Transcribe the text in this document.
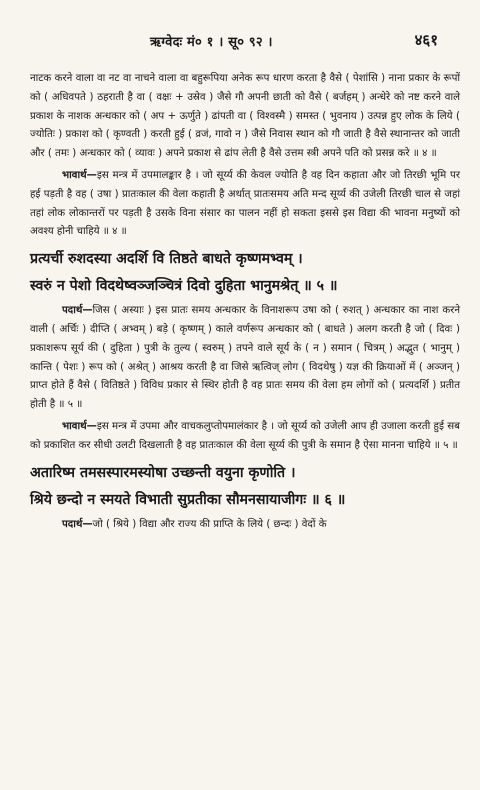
ऋग्वेदः मं० १ । सू० ९२ ।	४६१

नाटक करने वाला वा नट वा नाचने वाला वा बहुरूपिया अनेक रूप धारण करता है वैसे ( पेशांसि ) नाना प्रकार के रूपों को ( अधिवपते ) ठहराती है वा ( वक्षः + उस्रेव ) जैसे गौ अपनी छाती को वैसे ( बर्जहम् ) अन्धेरे को नष्ट करने वाले प्रकाश के नाशक अन्धकार को ( अप + ऊर्णुते ) ढांपती वा ( विश्वस्मै ) समस्त ( भुवनाय ) उत्पन्न हुए लोक के लिये ( ज्योतिः ) प्रकाश को ( कृण्वती ) करती हुई ( व्रजं, गावो न ) जैसे निवास स्थान को गौ जाती है वैसे स्थानान्तर को जाती और ( तमः ) अन्धकार को ( व्यावः ) अपने प्रकाश से ढांप लेती है वैसे उत्तम स्त्री अपने पति को प्रसन्न करे ॥ ४ ॥

भावार्थ—इस मन्त्र में उपमालङ्कार है । जो सूर्य्य की केवल ज्योति है वह दिन कहाता और जो तिरछी भूमि पर हई पड़ती है वह ( उषा ) प्रातःकाल की वेला कहाती है अर्थात् प्रातःसमय अति मन्द सूर्य्य की उजेली तिरछी चाल से जहां तहां लोक लोकान्तरों पर पड़ती है उसके विना संसार का पालन नहीं हो सकता इससे इस विद्या की भावना मनुष्यों को अवश्य होनी चाहिये ॥ ४ ॥

प्रत्यर्ची रुशदस्या अदर्शि वि तिष्ठते बाधते कृष्णमभ्वम् ।
स्वरुं न पेशो विदथेष्वञ्जञ्चित्रं दिवो दुहिता भानुमश्रेत् ॥ ५ ॥

पदार्थ—जिस ( अस्याः ) इस प्रातः समय अन्धकार के विनाशरूप उषा को ( रुशत् ) अन्धकार का नाश करने वाली ( अर्चिः ) दीप्ति ( अभ्वम् ) बड़े ( कृष्णम् ) काले वर्णरूप अन्धकार को ( बाधते ) अलग करती है जो ( दिवः ) प्रकाशरूप सूर्य की ( दुहिता ) पुत्री के तुल्य ( स्वरुम् ) तपने वाले सूर्य के ( न ) समान ( चित्रम् ) अद्भुत ( भानुम् ) कान्ति ( पेशः ) रूप को ( अश्रेत् ) आश्रय करती है वा जिसे ऋत्विज् लोग ( विदथेषु ) यज्ञ की क्रियाओं में ( अञ्जन् ) प्राप्त होते हैं वैसे ( वितिष्ठते ) विविध प्रकार से स्थिर होती है वह प्रातः समय की वेला हम लोगों को ( प्रत्यदर्शि ) प्रतीत होती है ॥ ५ ॥

भावार्थ—इस मन्त्र में उपमा और वाचकलुप्तोपमालंकार है । जो सूर्य्य को उजेली आप ही उजाला करती हुई सब को प्रकाशित कर सीधी उलटी दिखलाती है वह प्रातःकाल की वेला सूर्य्य की पुत्री के समान है ऐसा मानना चाहिये ॥ ५ ॥

अतारिष्म तमसस्पारमस्योषा उच्छन्ती वयुना कृणोति ।
श्रिये छन्दो न स्मयते विभाती सुप्रतीका सौमनसायाजीगः ॥ ६ ॥

पदार्थ—जो ( श्रिये ) विद्या और राज्य की प्राप्ति के लिये ( छन्दः ) वेदों के
